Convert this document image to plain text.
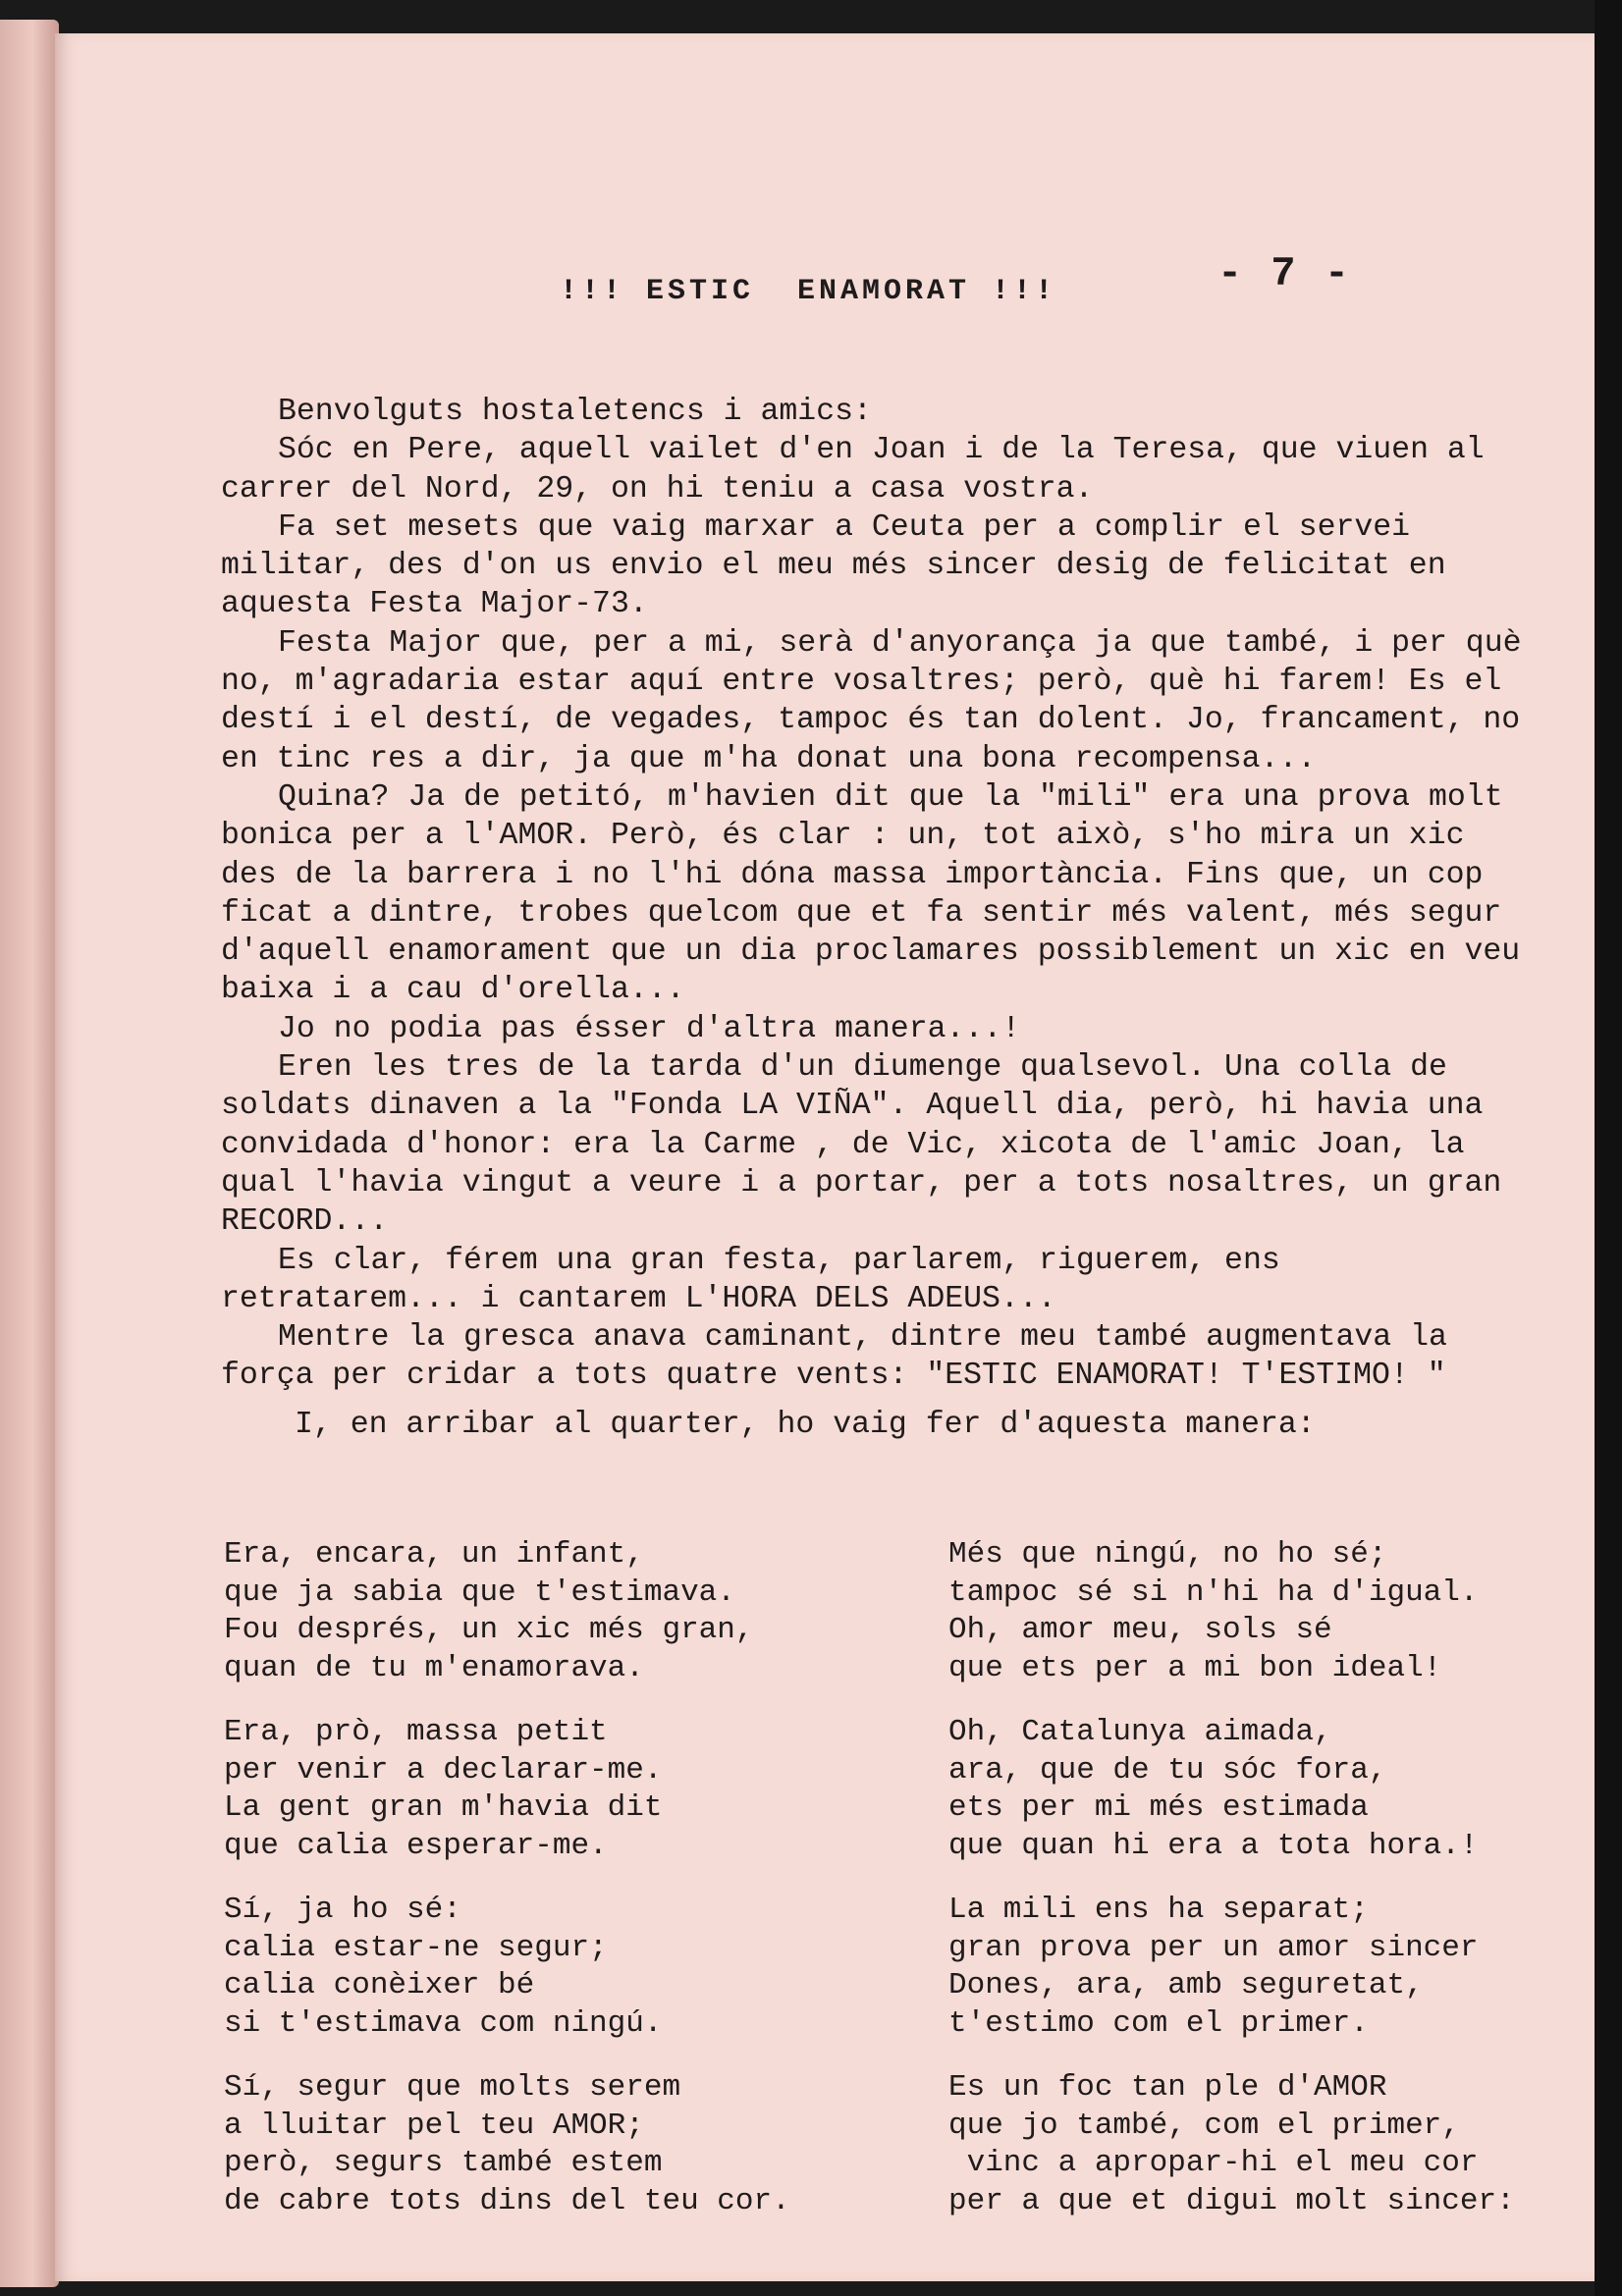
- 7 -
!!! ESTIC  ENAMORAT !!!

Benvolguts hostaletencs i amics:

Sóc en Pere, aquell vailet d'en Joan i de la Teresa, que viuen al carrer del Nord, 29, on hi teniu a casa vostra.

Fa set mesets que vaig marxar a Ceuta per a complir el servei militar, des d'on us envio el meu més sincer desig de felicitat en aquesta Festa Major-73.

Festa Major que, per a mi, serà d'anyorança ja que també, i per què no, m'agradaria estar aquí entre vosaltres; però, què hi farem! Es el destí i el destí, de vegades, tampoc és tan dolent. Jo, francament, no en tinc res a dir, ja que m'ha donat una bona recompensa...

Quina? Ja de petitó, m'havien dit que la "mili" era una prova molt bonica per a l'AMOR. Però, és clar : un, tot això, s'ho mira un xic des de la barrera i no l'hi dóna massa importància. Fins que, un cop ficat a dintre, trobes quelcom que et fa sentir més valent, més segur d'aquell enamorament que un dia proclamares possiblement un xic en veu baixa i a cau d'orella...

Jo no podia pas ésser d'altra manera...!

Eren les tres de la tarda d'un diumenge qualsevol. Una colla de soldats dinaven a la "Fonda LA VIÑA". Aquell dia, però, hi havia una convidada d'honor: era la Carme , de Vic, xicota de l'amic Joan, la qual l'havia vingut a veure i a portar, per a tots nosaltres, un gran RECORD...

Es clar, férem una gran festa, parlarem, riguerem, ens retratarem... i cantarem L'HORA DELS ADEUS...

Mentre la gresca anava caminant, dintre meu també augmentava la força per cridar a tots quatre vents: "ESTIC ENAMORAT! T'ESTIMO! "

I, en arribar al quarter, ho vaig fer d'aquesta manera:

Era, encara, un infant,
que ja sabia que t'estimava.
Fou després, un xic més gran,
quan de tu m'enamorava.
Era, prò, massa petit
per venir a declarar-me.
La gent gran m'havia dit
que calia esperar-me.
Sí, ja ho sé:
calia estar-ne segur;
calia conèixer bé
si t'estimava com ningú.
Sí, segur que molts serem
a lluitar pel teu AMOR;
però, segurs també estem
de cabre tots dins del teu cor.
Més que ningú, no ho sé;
tampoc sé si n'hi ha d'igual.
Oh, amor meu, sols sé
que ets per a mi bon ideal!
Oh, Catalunya aimada,
ara, que de tu sóc fora,
ets per mi més estimada
que quan hi era a tota hora.!
La mili ens ha separat;
gran prova per un amor sincer
Dones, ara, amb seguretat,
t'estimo com el primer.
Es un foc tan ple d'AMOR
que jo també, com el primer,
vinc a apropar-hi el meu cor
per a que et digui molt sincer:
